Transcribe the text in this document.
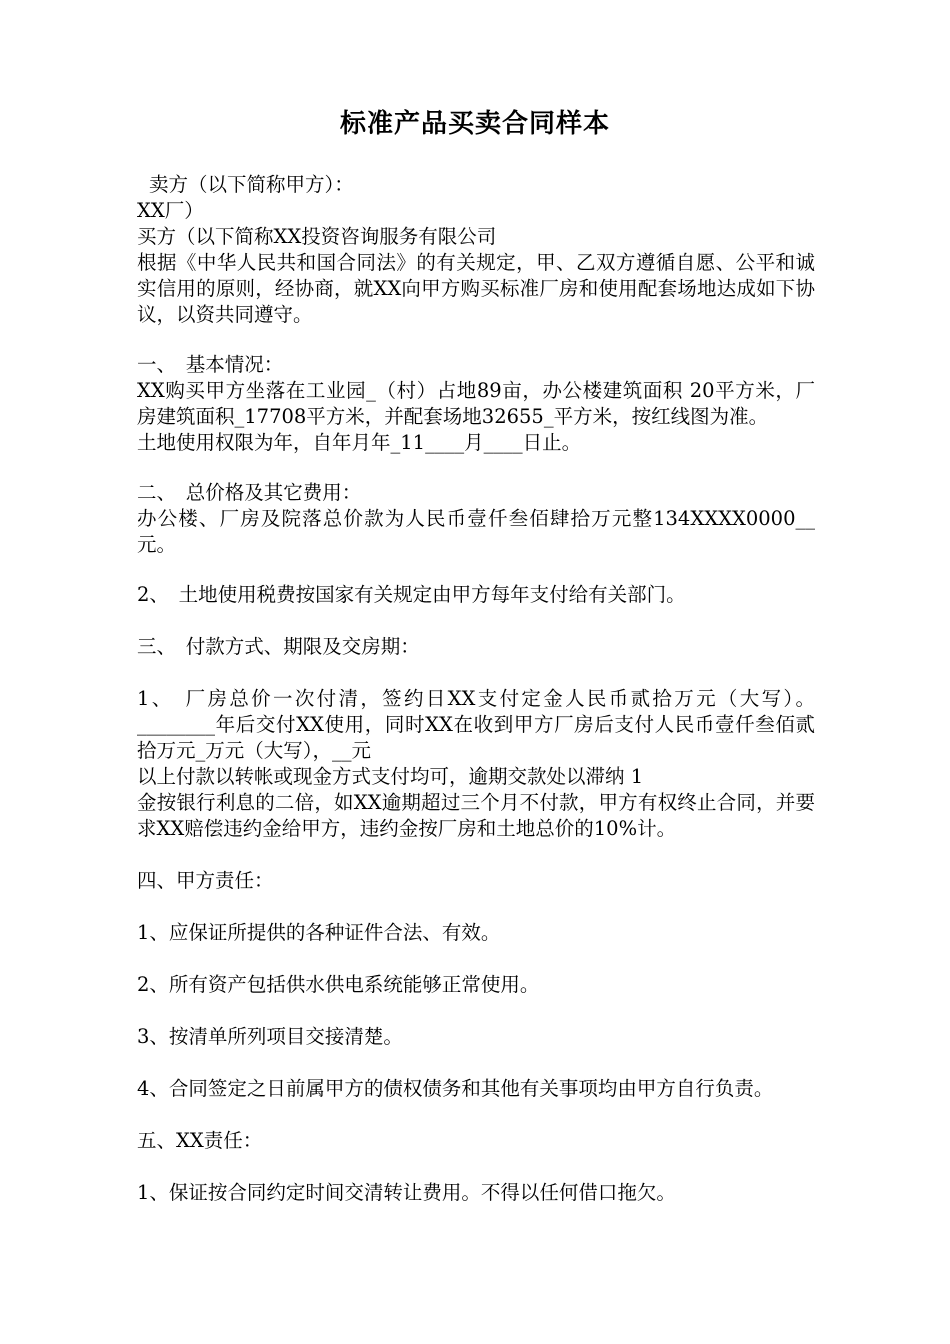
标准产品买卖合同样本

卖方（以下简称甲方）：

XX厂）

买方（以下简称XX投资咨询服务有限公司

根据《中华人民共和国合同法》的有关规定，甲、乙双方遵循自愿、公平和诚实信用的原则，经协商，就XX向甲方购买标准厂房和使用配套场地达成如下协议，以资共同遵守。

一、　基本情况：

XX购买甲方坐落在工业园_（村）占地89亩，办公楼建筑面积 20平方米，厂房建筑面积_17708平方米，并配套场地32655_平方米，按红线图为准。

土地使用权限为年，自年月年_11____月____日止。

二、　总价格及其它费用：

办公楼、厂房及院落总价款为人民币壹仟叁佰肆拾万元整134XXXX0000__元。

2、　土地使用税费按国家有关规定由甲方每年支付给有关部门。

三、　付款方式、期限及交房期：

1、　厂房总价一次付清，签约日XX支付定金人民币贰拾万元（大写）。________年后交付XX使用，同时XX在收到甲方厂房后支付人民币壹仟叁佰贰拾万元_万元（大写），__元

以上付款以转帐或现金方式支付均可，逾期交款处以滞纳 1

金按银行利息的二倍，如XX逾期超过三个月不付款，甲方有权终止合同，并要求XX赔偿违约金给甲方，违约金按厂房和土地总价的10%计。

四、甲方责任：

1、应保证所提供的各种证件合法、有效。

2、所有资产包括供水供电系统能够正常使用。

3、按清单所列项目交接清楚。

4、合同签定之日前属甲方的债权债务和其他有关事项均由甲方自行负责。

五、XX责任：

1、保证按合同约定时间交清转让费用。不得以任何借口拖欠。
